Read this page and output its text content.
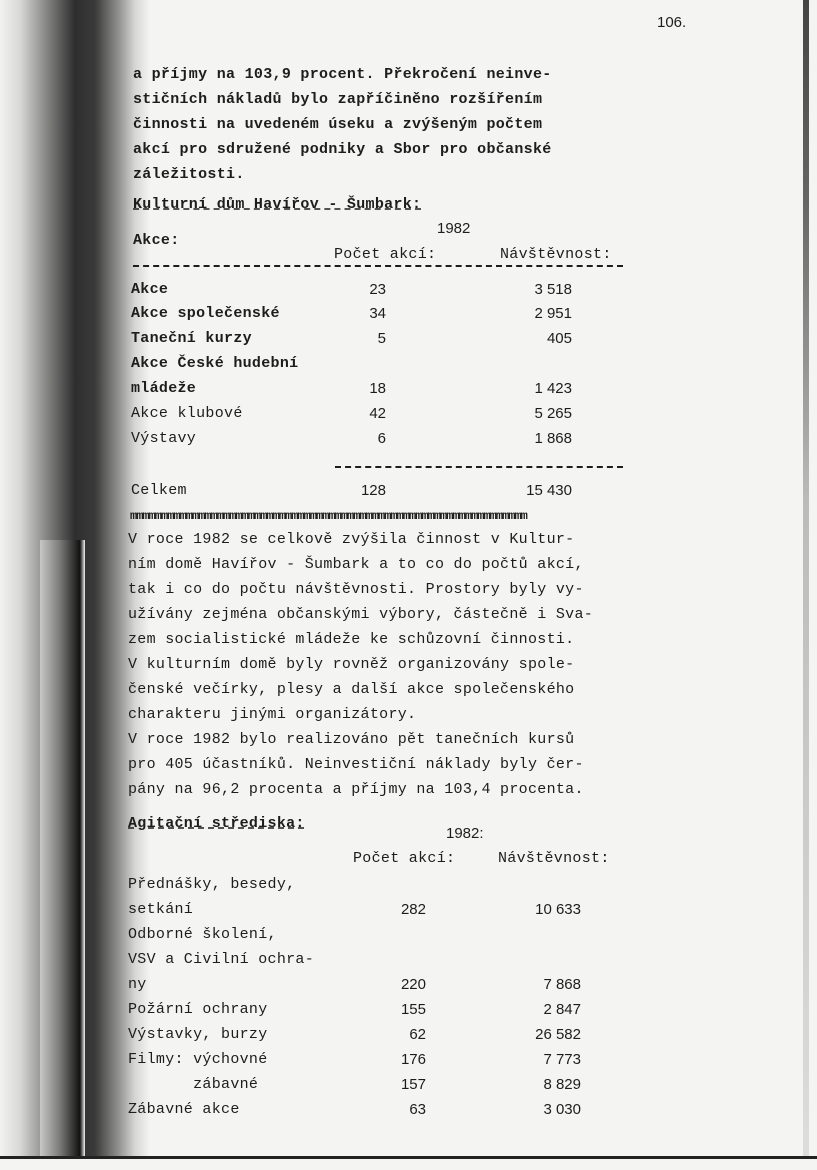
106.
a příjmy na 103,9 procent. Překročení neinve-
stičních nákladů bylo zapříčiněno rozšířením
činnosti na uvedeném úseku a zvýšeným počtem
akcí pro sdružené podniky a Sbor pro občanské
záležitosti.
Kulturní dům Havířov - Šumbark:
1982
Akce:
Počet akcí:	Návštěvnost:
Akce	23	3 518
Akce společenské	34	2 951
Taneční kurzy	5	405
Akce České hudební
mládeže	18	1 423
Akce klubové	42	5 265
Výstavy	6	1 868
Celkem	128	15 430
mmmmmmmmmmmmmmmmmmmmmmmmmmmmmmmmmmmmmmmmmmmmmmmmmmmmmmmmmmmmmmmm
V roce 1982 se celkově zvýšila činnost v Kultur-
ním domě Havířov - Šumbark a to co do počtů akcí,
tak i co do počtu návštěvnosti. Prostory byly vy-
užívány zejména občanskými výbory, částečně i Sva-
zem socialistické mládeže ke schůzovní činnosti.
V kulturním domě byly rovněž organizovány spole-
čenské večírky, plesy a další akce společenského
charakteru jinými organizátory.
V roce 1982 bylo realizováno pět tanečních kursů
pro 405 účastníků. Neinvestiční náklady byly čer-
pány na 96,2 procenta a příjmy na 103,4 procenta.
Agitační střediska:
1982:
Počet akcí:	Návštěvnost:
Přednášky, besedy,
setkání	282	10 633
Odborné školení,
VSV a Civilní ochra-
ny	220	7 868
Požární ochrany	155	2 847
Výstavky, burzy	62	26 582
Filmy: výchovné	176	7 773
zábavné	157	8 829
Zábavné akce	63	3 030
